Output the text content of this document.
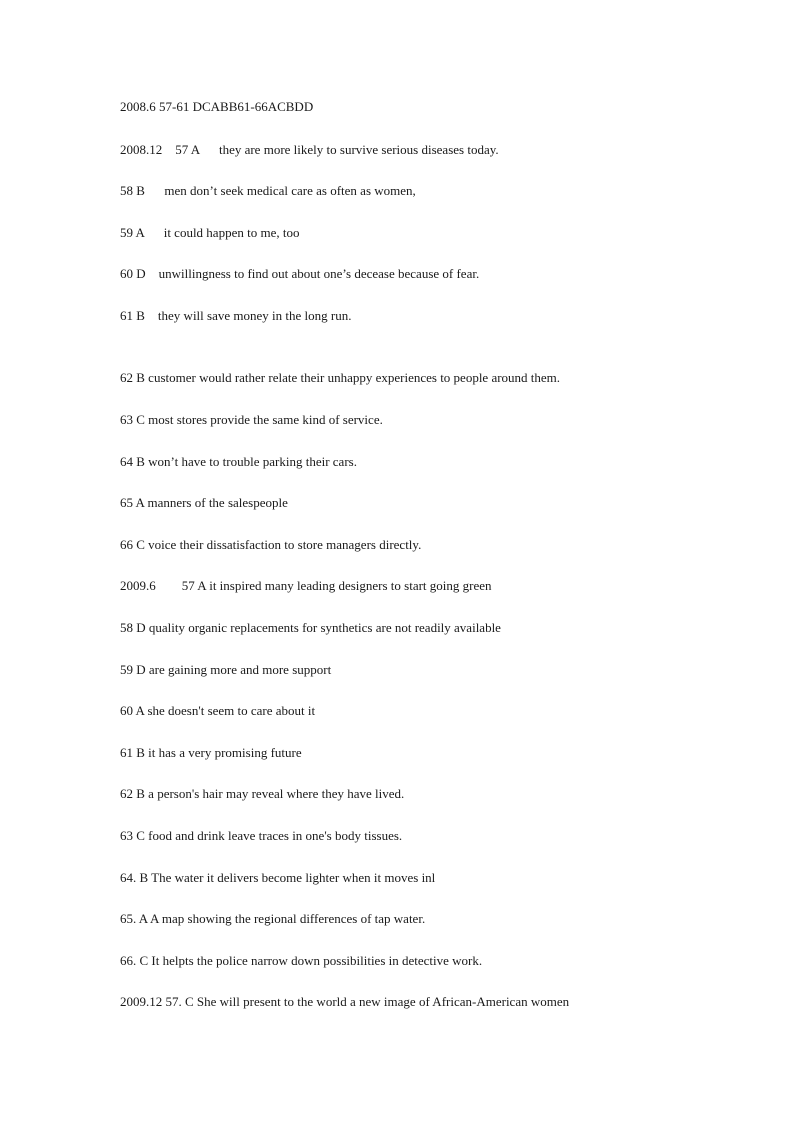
2008.6 57-61 DCABB61-66ACBDD
2008.12    57 A      they are more likely to survive serious diseases today.
58 B      men don’t seek medical care as often as women,
59 A      it could happen to me, too
60 D    unwillingness to find out about one’s decease because of fear.
61 B    they will save money in the long run.
62 B customer would rather relate their unhappy experiences to people around them.
63 C most stores provide the same kind of service.
64 B won’t have to trouble parking their cars.
65 A manners of the salespeople
66 C voice their dissatisfaction to store managers directly.
2009.6        57 A it inspired many leading designers to start going green
58 D quality organic replacements for synthetics are not readily available
59 D are gaining more and more support
60 A she doesn't seem to care about it
61 B it has a very promising future
62 B a person's hair may reveal where they have lived.
63 C food and drink leave traces in one's body tissues.
64. B The water it delivers become lighter when it moves inl
65. A A map showing the regional differences of tap water.
66. C It helpts the police narrow down possibilities in detective work.
2009.12 57. C She will present to the world a new image of African-American women
